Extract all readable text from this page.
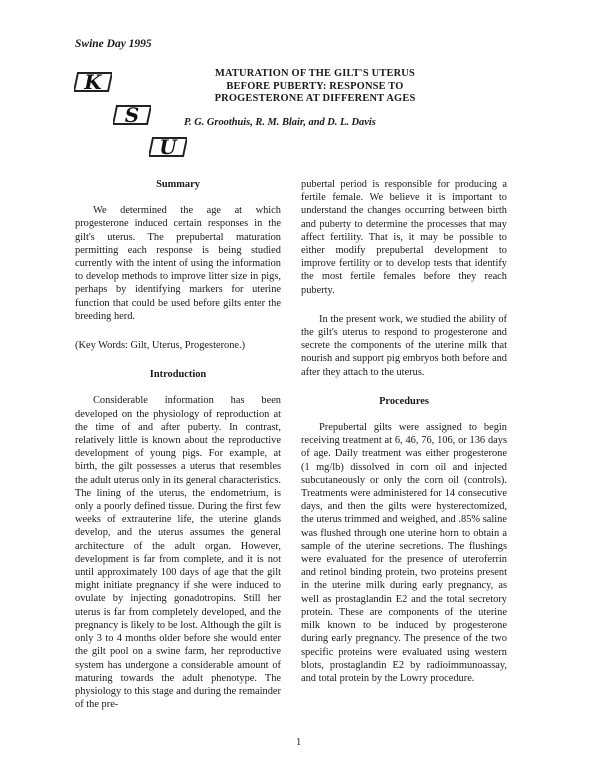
Swine Day 1995
K
S
U
MATURATION OF THE GILT'S UTERUS
BEFORE PUBERTY: RESPONSE TO
PROGESTERONE AT DIFFERENT AGES
P. G. Groothuis, R. M. Blair, and D. L. Davis
Summary

We determined the age at which progesterone induced certain responses in the gilt's uterus. The prepubertal maturation permitting each response is being studied currently with the intent of using the information to develop methods to improve litter size in pigs, perhaps by identifying markers for uterine function that could be used before gilts enter the breeding herd.

(Key Words: Gilt, Uterus, Progesterone.)

Introduction

Considerable information has been developed on the physiology of reproduction at the time of and after puberty. In contrast, relatively little is known about the reproductive development of young pigs. For example, at birth, the gilt possesses a uterus that resembles the adult uterus only in its general characteristics. The lining of the uterus, the endometrium, is only a poorly defined tissue. During the first few weeks of extrauterine life, the uterine glands develop, and the uterus assumes the general architecture of the adult organ. However, development is far from complete, and it is not until approximately 100 days of age that the gilt might initiate pregnancy if she were induced to ovulate by injecting gonadotropins. Still her uterus is far from completely developed, and the pregnancy is likely to be lost. Although the gilt is only 3 to 4 months older before she would enter the gilt pool on a swine farm, her reproductive system has undergone a considerable amount of maturing towards the adult phenotype. The physiology to this stage and during the remainder of the pre-

pubertal period is responsible for producing a fertile female. We believe it is important to understand the changes occurring between birth and puberty to determine the processes that may affect fertility. That is, it may be possible to either modify prepubertal development to improve fertility or to develop tests that identify the most fertile females before they reach puberty.

In the present work, we studied the ability of the gilt's uterus to respond to progesterone and secrete the components of the uterine milk that nourish and support pig embryos both before and after they attach to the uterus.

Procedures

Prepubertal gilts were assigned to begin receiving treatment at 6, 46, 76, 106, or 136 days of age. Daily treatment was either progesterone (1 mg/lb) dissolved in corn oil and injected subcutaneously or only the corn oil (controls). Treatments were administered for 14 consecutive days, and then the gilts were hysterectomized, the uterus trimmed and weighed, and .85% saline was flushed through one uterine horn to obtain a sample of the uterine secretions. The flushings were evaluated for the presence of uteroferrin and retinol binding protein, two proteins present in the uterine milk during early pregnancy, as well as prostaglandin E2 and the total secretory protein. These are components of the uterine milk known to be induced by progesterone during early pregnancy. The presence of the two specific proteins were evaluated using western blots, prostaglandin E2 by radioimmunoassay, and total protein by the Lowry procedure.

1
